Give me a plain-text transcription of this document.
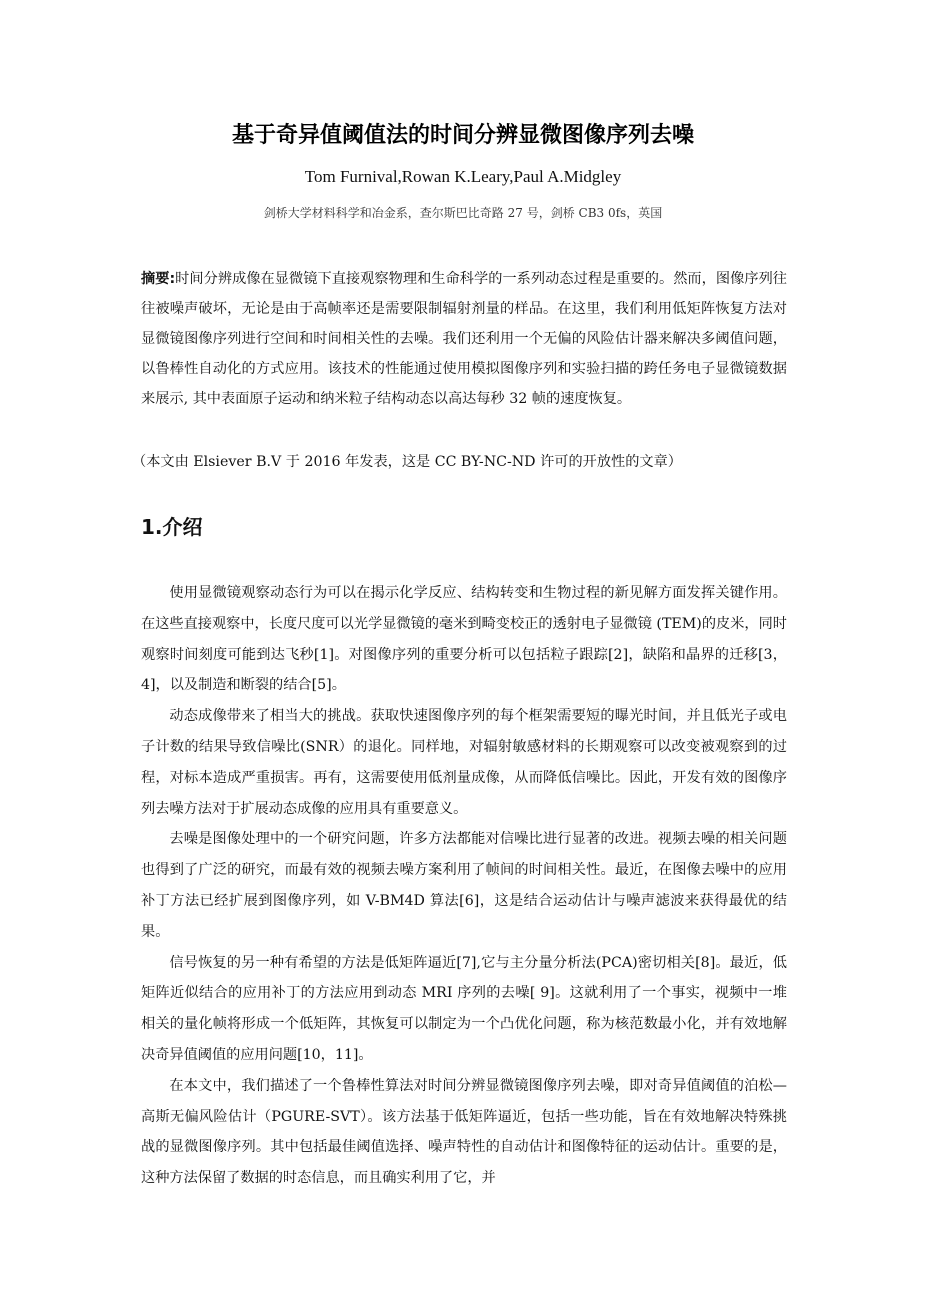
基于奇异值阈值法的时间分辨显微图像序列去噪
Tom Furnival,Rowan K.Leary,Paul A.Midgley
剑桥大学材料科学和冶金系，查尔斯巴比奇路 27 号，剑桥 CB3 0fs，英国
摘要:时间分辨成像在显微镜下直接观察物理和生命科学的一系列动态过程是重要的。然而，图像序列往往被噪声破坏，无论是由于高帧率还是需要限制辐射剂量的样品。在这里，我们利用低矩阵恢复方法对显微镜图像序列进行空间和时间相关性的去噪。我们还利用一个无偏的风险估计器来解决多阈值问题，以鲁棒性自动化的方式应用。该技术的性能通过使用模拟图像序列和实验扫描的跨任务电子显微镜数据来展示, 其中表面原子运动和纳米粒子结构动态以高达每秒 32 帧的速度恢复。
（本文由 Elsiever B.V 于 2016 年发表，这是 CC BY-NC-ND 许可的开放性的文章）
1.介绍

使用显微镜观察动态行为可以在揭示化学反应、结构转变和生物过程的新见解方面发挥关键作用。在这些直接观察中，长度尺度可以光学显微镜的毫米到畸变校正的透射电子显微镜 (TEM)的皮米，同时观察时间刻度可能到达飞秒[1]。对图像序列的重要分析可以包括粒子跟踪[2]，缺陷和晶界的迁移[3，4]，以及制造和断裂的结合[5]。

动态成像带来了相当大的挑战。获取快速图像序列的每个框架需要短的曝光时间，并且低光子或电子计数的结果导致信噪比(SNR）的退化。同样地，对辐射敏感材料的长期观察可以改变被观察到的过程，对标本造成严重损害。再有，这需要使用低剂量成像，从而降低信噪比。因此，开发有效的图像序列去噪方法对于扩展动态成像的应用具有重要意义。

去噪是图像处理中的一个研究问题，许多方法都能对信噪比进行显著的改进。视频去噪的相关问题也得到了广泛的研究，而最有效的视频去噪方案利用了帧间的时间相关性。最近，在图像去噪中的应用补丁方法已经扩展到图像序列，如 V-BM4D 算法[6]，这是结合运动估计与噪声滤波来获得最优的结果。

信号恢复的另一种有希望的方法是低矩阵逼近[7],它与主分量分析法(PCA)密切相关[8]。最近，低矩阵近似结合的应用补丁的方法应用到动态 MRI 序列的去噪[ 9]。这就利用了一个事实，视频中一堆相关的量化帧将形成一个低矩阵，其恢复可以制定为一个凸优化问题，称为核范数最小化，并有效地解决奇异值阈值的应用问题[10，11]。

在本文中，我们描述了一个鲁棒性算法对时间分辨显微镜图像序列去噪，即对奇异值阈值的泊松—高斯无偏风险估计（PGURE-SVT）。该方法基于低矩阵逼近，包括一些功能，旨在有效地解决特殊挑战的显微图像序列。其中包括最佳阈值选择、噪声特性的自动估计和图像特征的运动估计。重要的是，这种方法保留了数据的时态信息，而且确实利用了它，并
